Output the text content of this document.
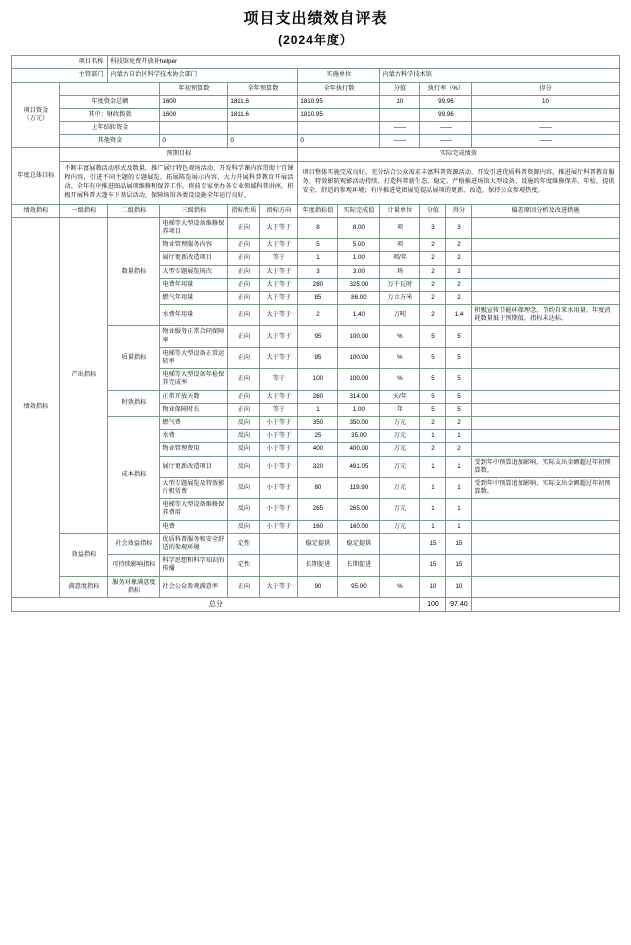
项目支出绩效自评表
(2024年度）
项目名称		科技馆免费开放补helper									
主管部门		内蒙古自治区科学技术协会部门				实施单位		内蒙古科学技术馆			
项目资金
（万元）			年初预算数	全年预算数		全年执行数		分值	执行率（%）		得分
	年度资金总额		1600	1811.6		1810.95		10	99.96		10
	其中：财政拨款		1600	1811.6		1810.95			99.96		
	上年结转资金							——	——		——
	其他资金		0	0		0		——	——		——
年度总体目标	预期目标					实际完成绩效					
	不断丰富展教活动形式及数量，推广展厅特色观场活动、开发科学课内容贯彻十宜课程内容，引进不同主题的专题展览、拓展陈览展示内容、大力开展科普教育开展活动、全年有序推进图品展项维修和保养工作，将前专家单办各专业领域科普讲座，积极开展科普大篷车下基层活动，保障场馆各类设设施全年运行良好。					项目整体实施完成良好。充分结合公众需求丰富科普资源活动，开发引进优质科普资源内容，推进展厅科普教育服务、特效影院观影活动持续、打造科普新生态、稳定、严格推进场馆大型设备、设施的年度维修保养，年检，提供安全、舒适的参观环境；有序推进党团展览提品展项的更新、改造，保持公众参观热度。					
绩效指标	一级指标	二级指标	三级指标	指标性质	指标方向	年度指标值	实际完成值	计量单位	分值	得分	偏差原因分析及改进措施
绩效指标	产出指标	数量指标	电梯等大型设备维修保养项目	正向	大于等于	8	8.00	项	3	3	
			物业管理服务内容	正向	大于等于	5	5.00	项	2	2	
			展厅更新改造项目	正向	等于	1	1.00	项/年	2	2	
			大型专题展览场次	正向	大于等于	3	3.00	场	2	2	
			电费年用量	正向	大于等于	280	325.00	万千瓦时	2	2	
			燃气年用量	正向	大于等于	85	86.00	万立方米	2	2	
			水费年用量	正向	大于等于	2	1.40	万吨	2	1.4	积极宣传节能环保理念，节约自来水用量、年度消耗数量低于预期值，指标未达标。
		质量指标	物业服务正常合同保障率	正向	大于等于	95	100.00	%	5	5	
			电梯等大型设备正常运转率	正向	大于等于	95	100.00	%	5	5	
			电梯等大型设备年检保养完成率	正向	等于	100	100.00	%	5	5	
		时效指标	正常开放天数	正向	大于等于	260	314.00	天/年	5	5	
			物业保障时长	正向	等于	1	1.00	年	5	5	
		成本指标	燃气费	反向	小于等于	350	350.00	万元	2	2	
			水费	反向	小于等于	25	35.00	万元	1	1	
			物业管理费用	反向	小于等于	400	400.00	万元	2	2	
			展厅更新改造项目	反向	小于等于	320	491.05	万元	1	1	受到年中预算追加影响，实际支出金额超过年初预算数。
			大型专题展览及特效影片租赁费	反向	小于等于	80	119.90	万元	1	1	受到年中预算追加影响，实际支出金额超过年初预算数。
			电梯等大型设备维修保养费用	反向	小于等于	265	265.00	万元	1	1	
			电费	反向	小于等于	160	160.00	万元	1	1	
	效益指标	社会效益指标	优质科普服务和安全舒适的参观环境	定性		稳定提供	稳定提供		15	15	
		可持续影响指标	科学思想和科学知识的传播	定性		长期促进	长期促进		15	15	
	满意度指标	服务对象满意度指标	社会公众参观满意率	正向	大于等于	90	95.00	%	10	10	
总分									100	97.40	
